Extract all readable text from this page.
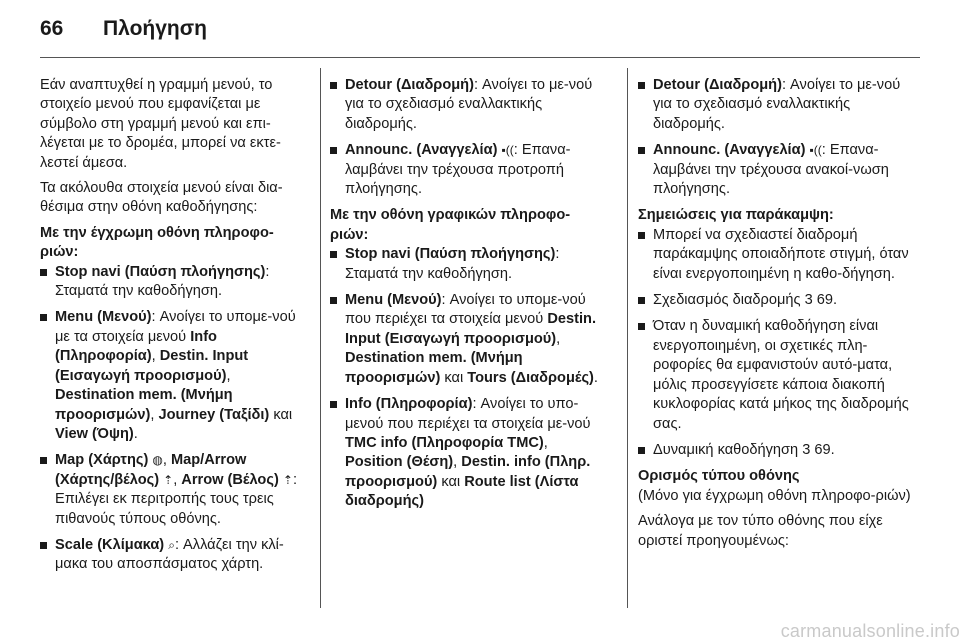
66 Πλοήγηση

Εάν αναπτυχθεί η γραμμή μενού, το στοιχείο μενού που εμφανίζεται με σύμβολο στη γραμμή μενού και επι-λέγεται με το δρομέα, μπορεί να εκτε-λεστεί άμεσα.

Τα ακόλουθα στοιχεία μενού είναι δια-θέσιμα στην οθόνη καθοδήγησης:

Με την έγχρωμη οθόνη πληροφο-ριών:
Stop navi (Παύση πλοήγησης): Σταματά την καθοδήγηση.
Menu (Μενού): Ανοίγει το υπομε-νού με τα στοιχεία μενού Info (Πληροφορία), Destin. Input (Εισαγωγή προορισμού), Destination mem. (Μνήμη προορισμών), Journey (Ταξίδι) και View (Όψη).
Map (Χάρτης) ◍, Map/Arrow (Χάρτης/βέλος) ⇡, Arrow (Βέλος) ⇡: Επιλέγει εκ περιτροπής τους τρεις πιθανούς τύπους οθόνης.
Scale (Κλίμακα) ⌕: Αλλάζει την κλί-μακα του αποσπάσματος χάρτη.
Detour (Διαδρομή): Ανοίγει το με-νού για το σχεδιασμό εναλλακτικής διαδρομής.
Announc. (Αναγγελία) ▪((: Επανα-λαμβάνει την τρέχουσα προτροπή πλοήγησης.
Με την οθόνη γραφικών πληροφο-ριών:
Stop navi (Παύση πλοήγησης): Σταματά την καθοδήγηση.
Menu (Μενού): Ανοίγει το υπομε-νού που περιέχει τα στοιχεία μενού Destin. Input (Εισαγωγή προορισμού), Destination mem. (Μνήμη προορισμών) και Tours (Διαδρομές).
Info (Πληροφορία): Ανοίγει το υπο-μενού που περιέχει τα στοιχεία με-νού TMC info (Πληροφορία TMC), Position (Θέση), Destin. info (Πληρ. προορισμού) και Route list (Λίστα διαδρομής)
Detour (Διαδρομή): Ανοίγει το με-νού για το σχεδιασμό εναλλακτικής διαδρομής.
Announc. (Αναγγελία) ▪((: Επανα-λαμβάνει την τρέχουσα ανακοί-νωση πλοήγησης.
Σημειώσεις για παράκαμψη:
Μπορεί να σχεδιαστεί διαδρομή παράκαμψης οποιαδήποτε στιγμή, όταν είναι ενεργοποιημένη η καθο-δήγηση.
Σχεδιασμός διαδρομής 3 69.
Όταν η δυναμική καθοδήγηση είναι ενεργοποιημένη, οι σχετικές πλη-ροφορίες θα εμφανιστούν αυτό-ματα, μόλις προσεγγίσετε κάποια διακοπή κυκλοφορίας κατά μήκος της διαδρομής σας.
Δυναμική καθοδήγηση 3 69.
Ορισμός τύπου οθόνης

(Μόνο για έγχρωμη οθόνη πληροφο-ριών)

Ανάλογα με τον τύπο οθόνης που είχε οριστεί προηγουμένως:

carmanualsonline.info
